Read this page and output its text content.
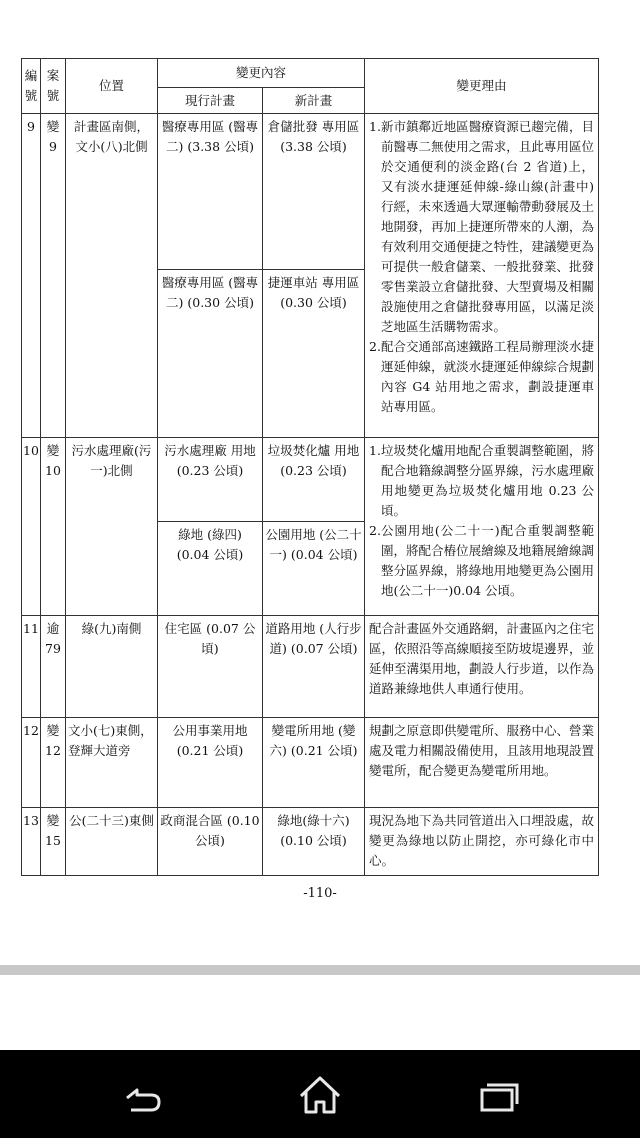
編號	案號	位置	變更內容		變更理由
			現行計畫	新計畫	
9	變 9	計畫區南側，文小(八)北側	醫療專用區 (醫專二) (3.38 公頃)	倉儲批發 專用區 (3.38 公頃)	1. 新市鎮鄰近地區醫療資源已趨完備，目前醫專二無使用之需求，且此專用區位於交通便利的淡金路(台 2 省道)上，又有淡水捷運延伸線-綠山線(計畫中)行經，未來透過大眾運輸帶動發展及土地開發，再加上捷運所帶來的人潮，為有效利用交通便捷之特性，建議變更為可提供一般倉儲業、一般批發業、批發零售業設立倉儲批發、大型賣場及相關設施使用之倉儲批發專用區，以滿足淡芝地區生活購物需求。
2. 配合交通部高速鐵路工程局辦理淡水捷運延伸線，就淡水捷運延伸線綜合規劃內容 G4 站用地之需求，劃設捷運車站專用區。

			醫療專用區 (醫專二) (0.30 公頃)	捷運車站 專用區 (0.30 公頃)	
10	變 10	污水處理廠(污一)北側	污水處理廠 用地 (0.23 公頃)	垃圾焚化爐 用地 (0.23 公頃)	1. 垃圾焚化爐用地配合重製調整範圍，將配合地籍線調整分區界線，污水處理廠用地變更為垃圾焚化爐用地 0.23 公頃。
2. 公園用地(公二十一)配合重製調整範圍，將配合樁位展繪線及地籍展繪線調整分區界線，將綠地用地變更為公園用地(公二十一)0.04 公頃。

			綠地 (綠四) (0.04 公頃)	公園用地 (公二十一) (0.04 公頃)	
11	逾 79	綠(九)南側	住宅區 (0.07 公頃)	道路用地 (人行步道) (0.07 公頃)	配合計畫區外交通路網，計畫區內之住宅區，依照沿等高線順接至防坡堤邊界，並延伸至溝渠用地，劃設人行步道，以作為道路兼綠地供人車通行使用。
12	變 12	文小(七)東側，登輝大道旁	公用事業用地 (0.21 公頃)	變電所用地 (變六) (0.21 公頃)	規劃之原意即供變電所、服務中心、營業處及電力相關設備使用，且該用地現設置變電所，配合變更為變電所用地。
13	變 15	公(二十三)東側	政商混合區 (0.10 公頃)	綠地(綠十六) (0.10 公頃)	現況為地下為共同管道出入口埋設處，故變更為綠地以防止開挖，亦可綠化市中心。
-110-
